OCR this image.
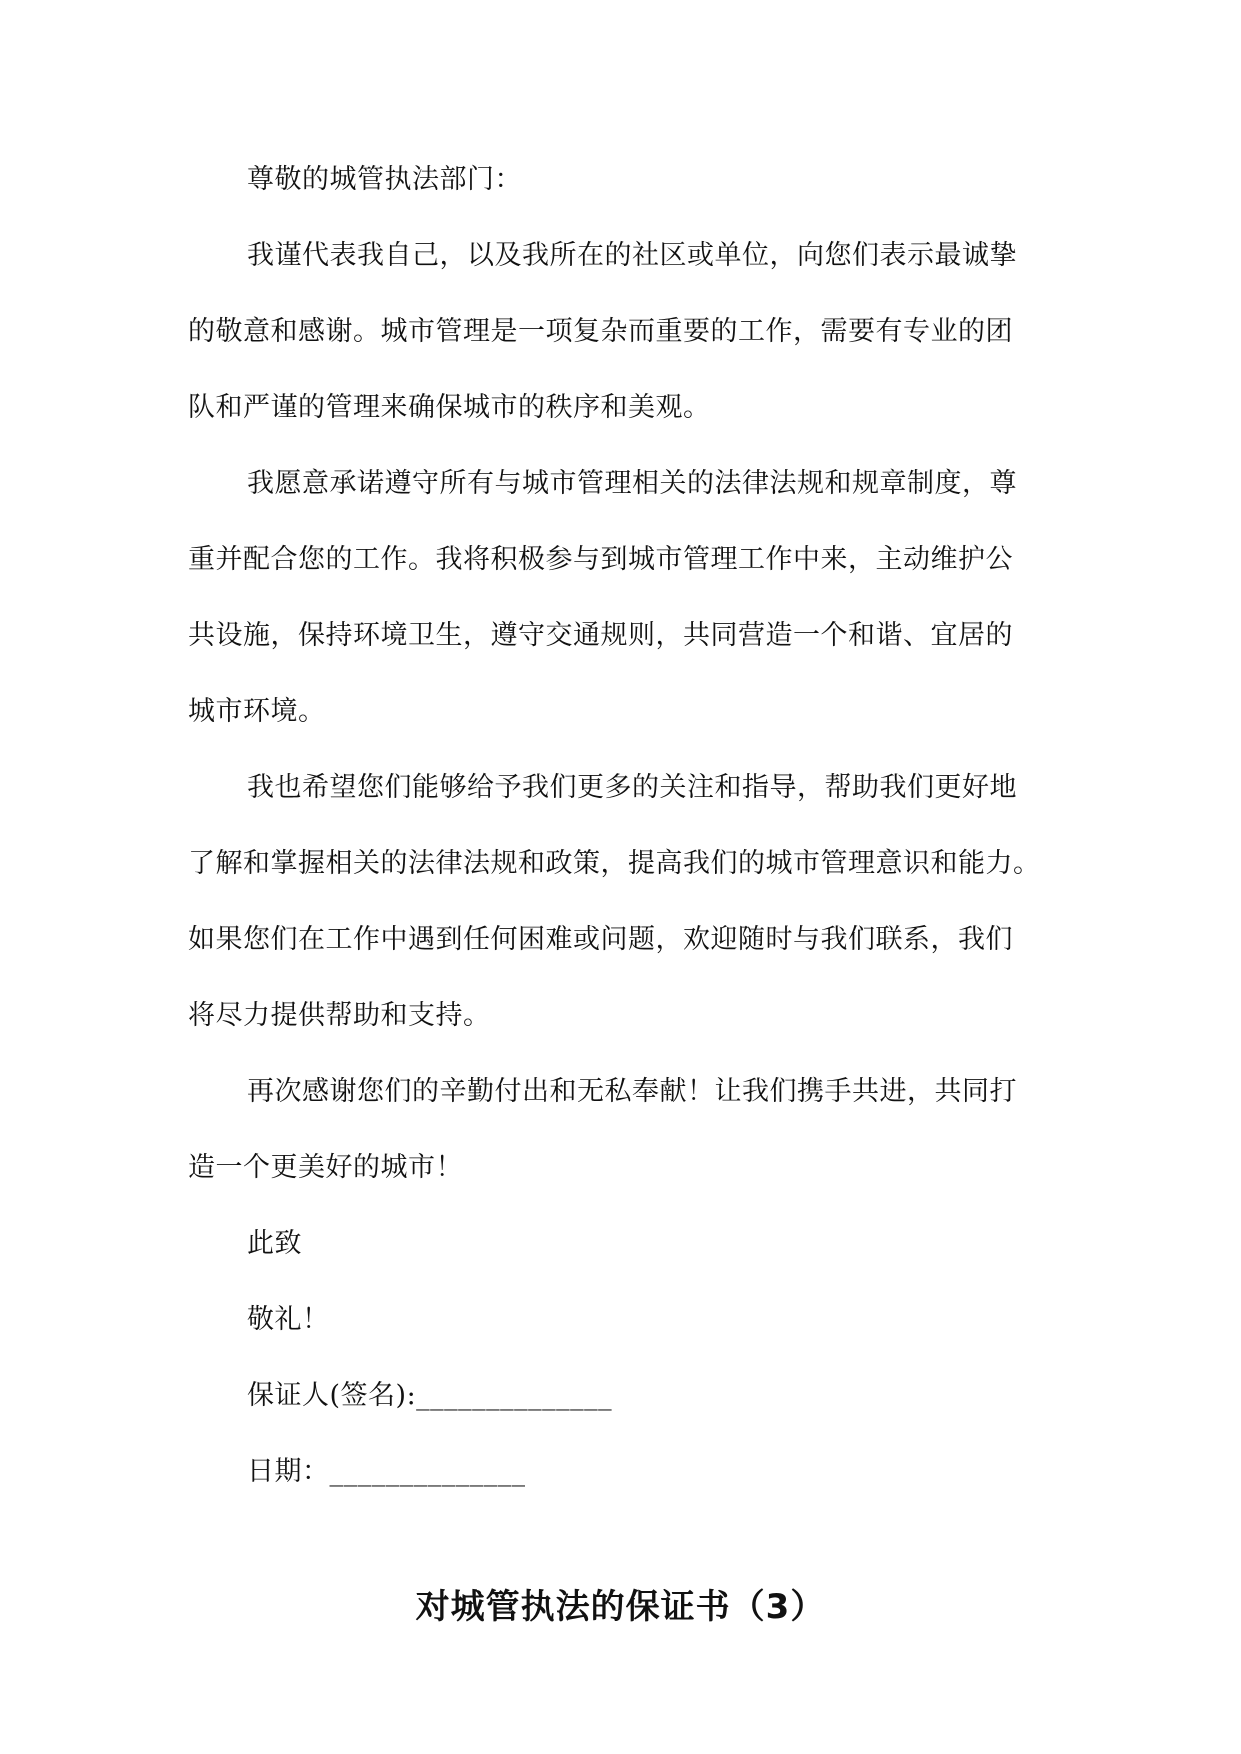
尊敬的城管执法部门：
我谨代表我自己，以及我所在的社区或单位，向您们表示最诚挚
的敬意和感谢。城市管理是一项复杂而重要的工作，需要有专业的团
队和严谨的管理来确保城市的秩序和美观。
我愿意承诺遵守所有与城市管理相关的法律法规和规章制度，尊
重并配合您的工作。我将积极参与到城市管理工作中来，主动维护公
共设施，保持环境卫生，遵守交通规则，共同营造一个和谐、宜居的
城市环境。
我也希望您们能够给予我们更多的关注和指导，帮助我们更好地
了解和掌握相关的法律法规和政策，提高我们的城市管理意识和能力。
如果您们在工作中遇到任何困难或问题，欢迎随时与我们联系，我们
将尽力提供帮助和支持。
再次感谢您们的辛勤付出和无私奉献！让我们携手共进，共同打
造一个更美好的城市！
此致
敬礼！
保证人(签名):______________
日期：______________
对城管执法的保证书（3）
